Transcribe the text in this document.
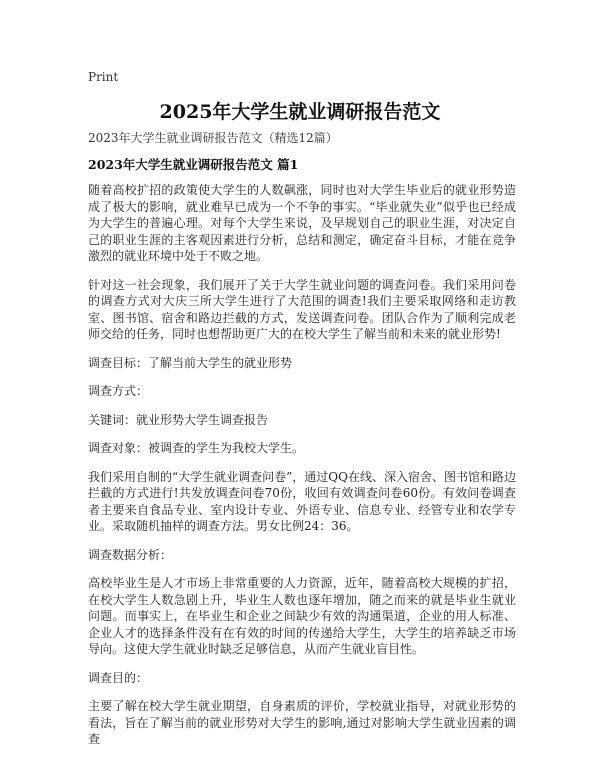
Print
2025年大学生就业调研报告范文

2023年大学生就业调研报告范文（精选12篇）

2023年大学生就业调研报告范文 篇1

随着高校扩招的政策使大学生的人数飙涨，同时也对大学生毕业后的就业形势造成了极大的影响，就业难早已成为一个不争的事实。“毕业就失业”似乎也已经成为大学生的普遍心理。对每个大学生来说，及早规划自己的职业生涯，对决定自己的职业生涯的主客观因素进行分析，总结和测定，确定奋斗目标，才能在竞争激烈的就业环境中处于不败之地。

针对这一社会现象，我们展开了关于大学生就业问题的调查问卷。我们采用问卷的调查方式对大庆三所大学生进行了大范围的调查!我们主要采取网络和走访教室、图书馆、宿舍和路边拦截的方式，发送调查问卷。团队合作为了顺利完成老师交给的任务，同时也想帮助更广大的在校大学生了解当前和未来的就业形势!

调查目标：了解当前大学生的就业形势

调查方式：

关键词：就业形势大学生调查报告

调查对象：被调查的学生为我校大学生。

我们采用自制的“大学生就业调查问卷”，通过QQ在线、深入宿舍、图书馆和路边拦截的方式进行!共发放调查问卷70份，收回有效调查问卷60份。有效问卷调查者主要来自食品专业、室内设计专业、外语专业、信息专业、经管专业和农学专业。采取随机抽样的调查方法。男女比例24：36。

调查数据分析：

高校毕业生是人才市场上非常重要的人力资源，近年，随着高校大规模的扩招，在校大学生人数急剧上升，毕业生人数也逐年增加，随之而来的就是毕业生就业问题。而事实上，在毕业生和企业之间缺少有效的沟通渠道，企业的用人标准、企业人才的选择条件没有在有效的时间的传递给大学生，大学生的培养缺乏市场导向。这使大学生就业时缺乏足够信息，从而产生就业盲目性。

调查目的：

主要了解在校大学生就业期望，自身素质的评价，学校就业指导，对就业形势的看法，旨在了解当前的就业形势对大学生的影响,通过对影响大学生就业因素的调查
